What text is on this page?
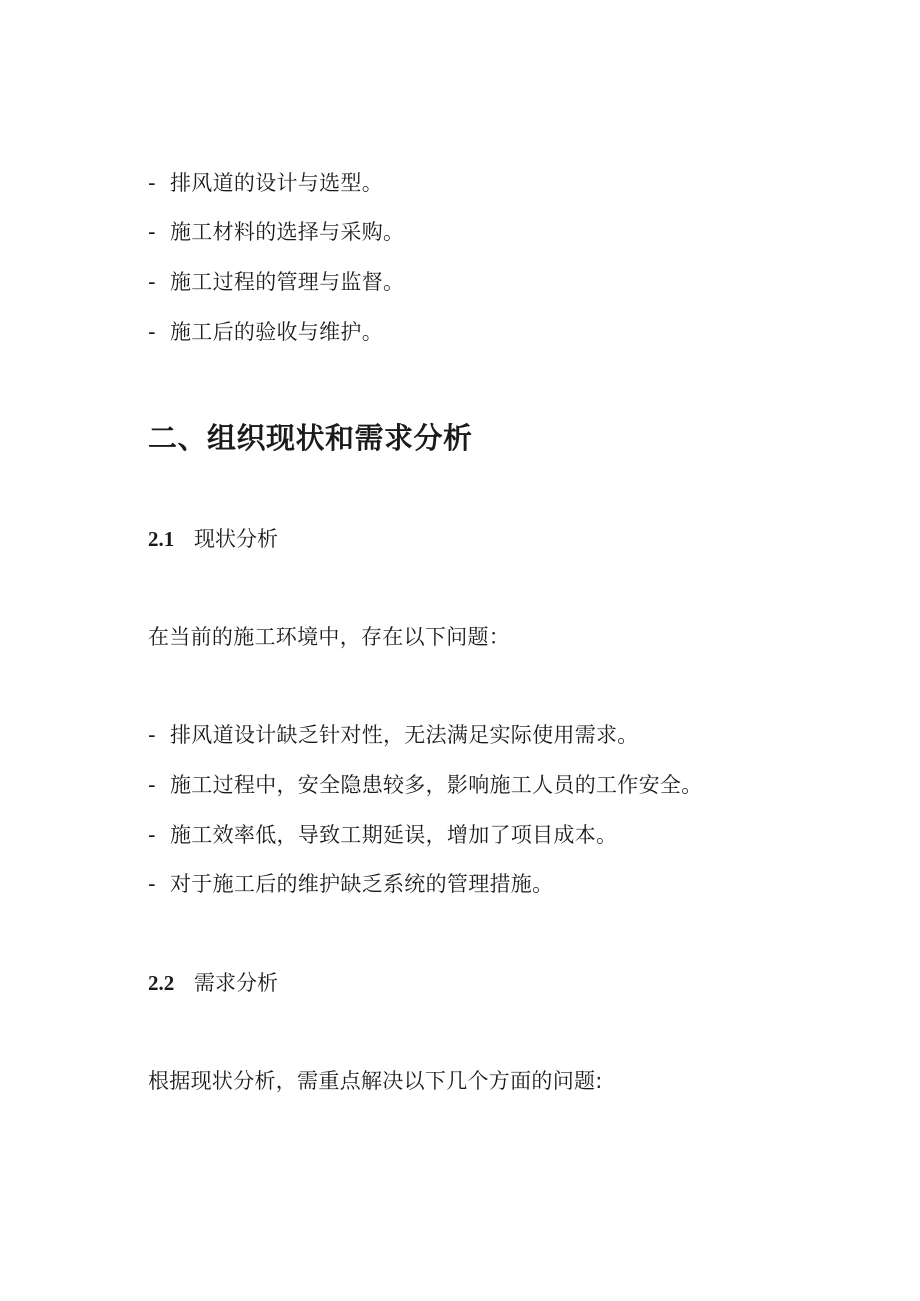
- 排风道的设计与选型。
- 施工材料的选择与采购。
- 施工过程的管理与监督。
- 施工后的验收与维护。
二、组织现状和需求分析
2.1 现状分析
在当前的施工环境中，存在以下问题：
- 排风道设计缺乏针对性，无法满足实际使用需求。
- 施工过程中，安全隐患较多，影响施工人员的工作安全。
- 施工效率低，导致工期延误，增加了项目成本。
- 对于施工后的维护缺乏系统的管理措施。
2.2 需求分析
根据现状分析，需重点解决以下几个方面的问题:
